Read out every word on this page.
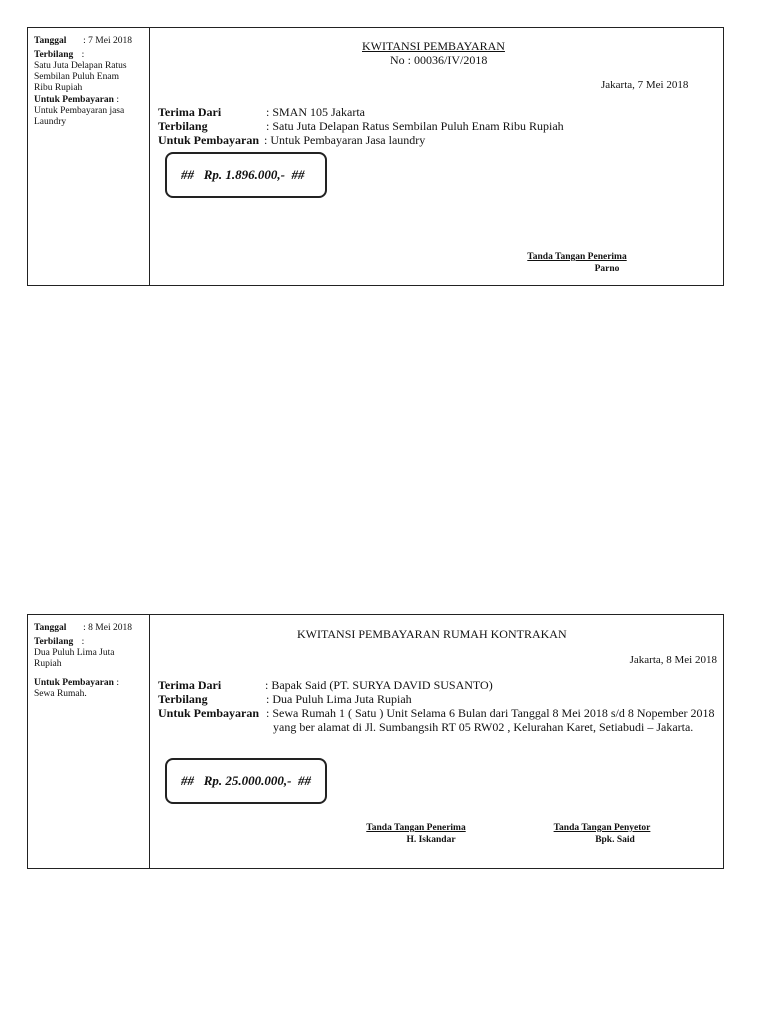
Tanggal : 7 Mei 2018
Terbilang :
Satu Juta Delapan Ratus
Sembilan Puluh Enam
Ribu Rupiah
Untuk Pembayaran :
Untuk Pembayaran jasa
Laundry
KWITANSI PEMBAYARAN
No : 00036/IV/2018
Jakarta, 7 Mei 2018
Terima Dari	: SMAN 105 Jakarta
Terbilang	: Satu Juta Delapan Ratus Sembilan Puluh Enam Ribu Rupiah
Untuk Pembayaran : Untuk Pembayaran Jasa laundry
##   Rp. 1.896.000,-  ##
Tanda Tangan Penerima
Parno
Tanggal : 8 Mei 2018
Terbilang :
Dua Puluh Lima Juta
Rupiah
Untuk Pembayaran :
Sewa Rumah.
KWITANSI PEMBAYARAN RUMAH KONTRAKAN
Jakarta, 8 Mei 2018
Terima Dari	: Bapak Said (PT. SURYA DAVID SUSANTO)
Terbilang	: Dua Puluh Lima Juta Rupiah
Untuk Pembayaran : Sewa Rumah 1 ( Satu ) Unit Selama 6 Bulan dari Tanggal 8 Mei 2018 s/d 8 Nopember 2018
yang ber alamat di Jl. Sumbangsih RT 05 RW02 , Kelurahan Karet, Setiabudi – Jakarta.
##   Rp. 25.000.000,-  ##
Tanda Tangan Penerima
H. Iskandar
Tanda Tangan Penyetor
Bpk. Said
